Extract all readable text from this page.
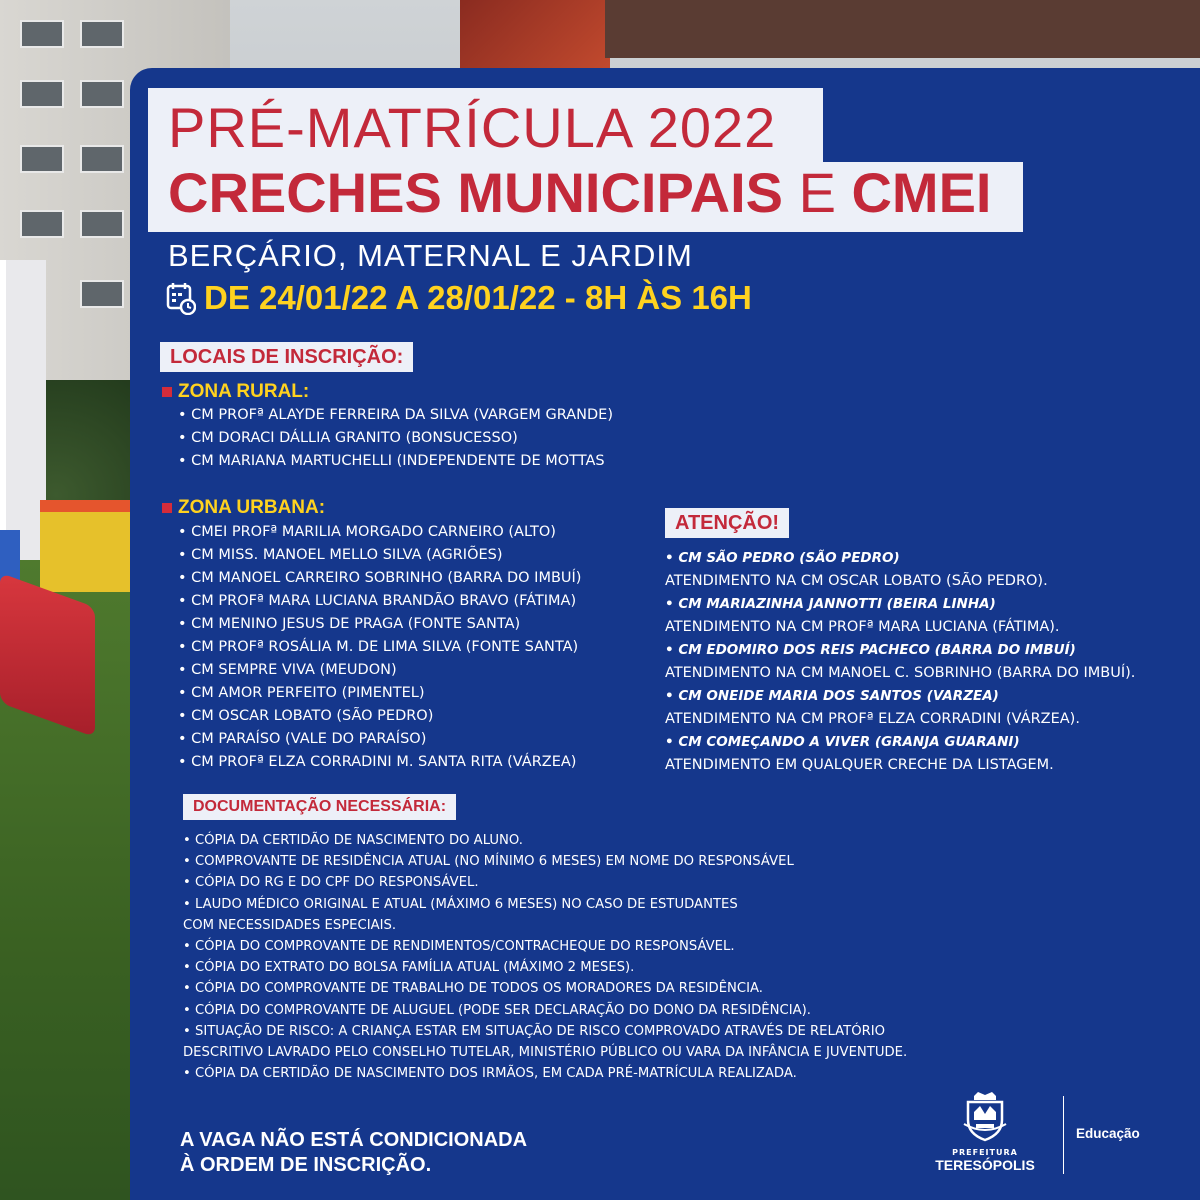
PRÉ-MATRÍCULA 2022
CRECHES MUNICIPAIS E CMEI
BERÇÁRIO, MATERNAL E JARDIM
DE 24/01/22 A 28/01/22 - 8H ÀS 16H
LOCAIS DE INSCRIÇÃO:
ZONA RURAL:
• CM PROFª ALAYDE FERREIRA DA SILVA (VARGEM GRANDE)
• CM DORACI DÁLLIA GRANITO (BONSUCESSO)
• CM MARIANA MARTUCHELLI (INDEPENDENTE DE MOTTAS
ZONA URBANA:
• CMEI PROFª MARILIA MORGADO CARNEIRO (ALTO)
• CM MISS. MANOEL MELLO SILVA (AGRIÕES)
• CM MANOEL CARREIRO SOBRINHO (BARRA DO IMBUÍ)
• CM PROFª MARA LUCIANA BRANDÃO BRAVO (FÁTIMA)
• CM MENINO JESUS DE PRAGA (FONTE SANTA)
• CM PROFª ROSÁLIA M. DE LIMA SILVA (FONTE SANTA)
• CM SEMPRE VIVA (MEUDON)
• CM AMOR PERFEITO (PIMENTEL)
• CM OSCAR LOBATO (SÃO PEDRO)
• CM PARAÍSO (VALE DO PARAÍSO)
• CM PROFª ELZA CORRADINI M. SANTA RITA (VÁRZEA)
ATENÇÃO!
• CM SÃO PEDRO (SÃO PEDRO)
ATENDIMENTO NA CM OSCAR LOBATO (SÃO PEDRO).
• CM MARIAZINHA JANNOTTI (BEIRA LINHA)
ATENDIMENTO NA CM PROFª MARA LUCIANA (FÁTIMA).
• CM EDOMIRO DOS REIS PACHECO (BARRA DO IMBUÍ)
ATENDIMENTO NA CM MANOEL C. SOBRINHO (BARRA DO IMBUÍ).
• CM ONEIDE MARIA DOS SANTOS (VARZEA)
ATENDIMENTO NA CM PROFª ELZA CORRADINI (VÁRZEA).
• CM COMEÇANDO A VIVER (GRANJA GUARANI)
ATENDIMENTO EM QUALQUER CRECHE DA LISTAGEM.
DOCUMENTAÇÃO NECESSÁRIA:
• CÓPIA DA CERTIDÃO DE NASCIMENTO DO ALUNO.
• COMPROVANTE DE RESIDÊNCIA ATUAL (NO MÍNIMO 6 MESES) EM NOME DO RESPONSÁVEL
• CÓPIA DO RG E DO CPF DO RESPONSÁVEL.
• LAUDO MÉDICO ORIGINAL E ATUAL (MÁXIMO 6 MESES) NO CASO DE ESTUDANTES
COM NECESSIDADES ESPECIAIS.
• CÓPIA DO COMPROVANTE DE RENDIMENTOS/CONTRACHEQUE DO RESPONSÁVEL.
• CÓPIA DO EXTRATO DO BOLSA FAMÍLIA ATUAL (MÁXIMO 2 MESES).
• CÓPIA DO COMPROVANTE DE TRABALHO DE TODOS OS MORADORES DA RESIDÊNCIA.
• CÓPIA DO COMPROVANTE DE ALUGUEL (PODE SER DECLARAÇÃO DO DONO DA RESIDÊNCIA).
• SITUAÇÃO DE RISCO: A CRIANÇA ESTAR EM SITUAÇÃO DE RISCO COMPROVADO ATRAVÉS DE RELATÓRIO
DESCRITIVO LAVRADO PELO CONSELHO TUTELAR, MINISTÉRIO PÚBLICO OU VARA DA INFÂNCIA E JUVENTUDE.
• CÓPIA DA CERTIDÃO DE NASCIMENTO DOS IRMÃOS, EM CADA PRÉ-MATRÍCULA REALIZADA.
A VAGA NÃO ESTÁ CONDICIONADA
À ORDEM DE INSCRIÇÃO.
PREFEITURA
TERESÓPOLIS
Educação
